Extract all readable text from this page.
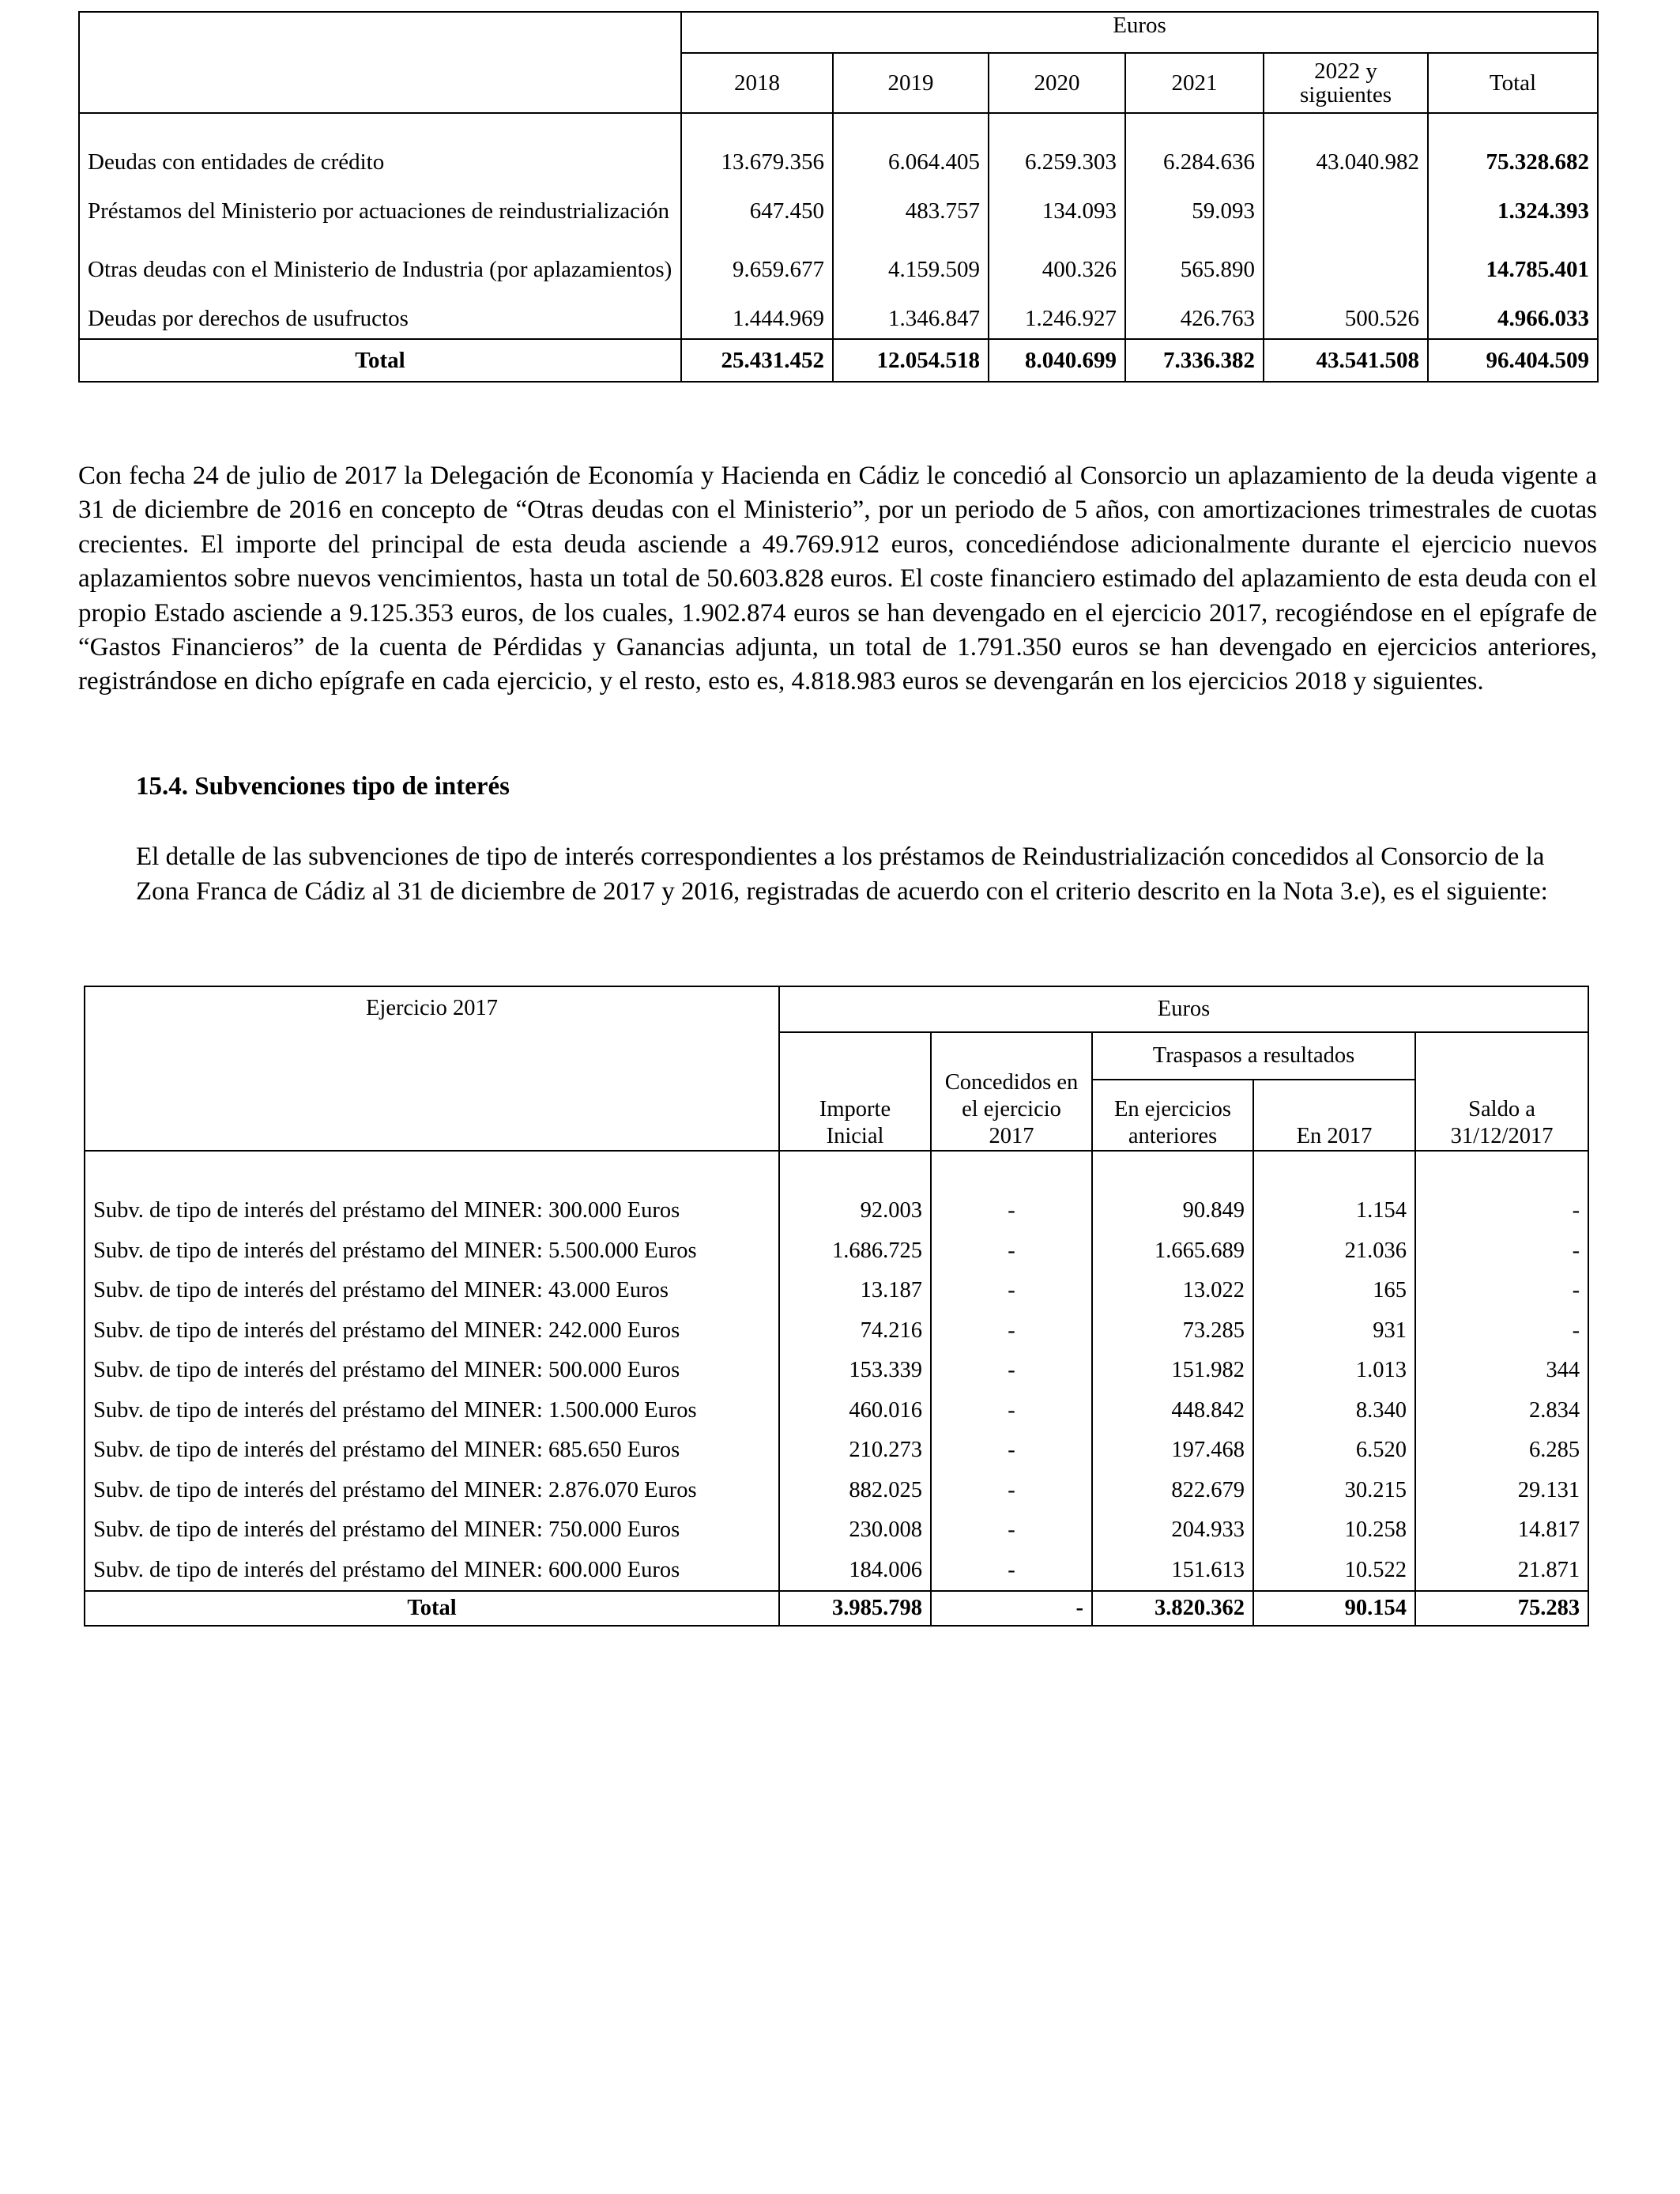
	Euros					
	2018	2019	2020	2021	2022 y siguientes	Total

Deudas con entidades de crédito	13.679.356	6.064.405	6.259.303	6.284.636	43.040.982	75.328.682
Préstamos del Ministerio por actuaciones de reindustrialización	647.450	483.757	134.093	59.093		1.324.393
Otras deudas con el Ministerio de Industria (por aplazamientos)	9.659.677	4.159.509	400.326	565.890		14.785.401
Deudas por derechos de usufructos	1.444.969	1.346.847	1.246.927	426.763	500.526	4.966.033
Total	25.431.452	12.054.518	8.040.699	7.336.382	43.541.508	96.404.509

Con fecha 24 de julio de 2017 la Delegación de Economía y Hacienda en Cádiz le concedió al Consorcio un aplazamiento de la deuda vigente a 31 de diciembre de 2016 en concepto de “Otras deudas con el Ministerio”, por un periodo de 5 años, con amortizaciones trimestrales de cuotas crecientes. El importe del principal de esta deuda asciende a 49.769.912 euros, concediéndose adicionalmente durante el ejercicio nuevos aplazamientos sobre nuevos vencimientos, hasta un total de 50.603.828 euros. El coste financiero estimado del aplazamiento de esta deuda con el propio Estado asciende a 9.125.353 euros, de los cuales, 1.902.874 euros se han devengado en el ejercicio 2017, recogiéndose en el epígrafe de “Gastos Financieros” de la cuenta de Pérdidas y Ganancias adjunta, un total de 1.791.350 euros se han devengado en ejercicios anteriores, registrándose en dicho epígrafe en cada ejercicio, y el resto, esto es, 4.818.983 euros se devengarán en los ejercicios 2018 y siguientes.

15.4. Subvenciones tipo de interés

El detalle de las subvenciones de tipo de interés correspondientes a los préstamos de Reindustrialización concedidos al Consorcio de la Zona Franca de Cádiz al 31 de diciembre de 2017 y 2016, registradas de acuerdo con el criterio descrito en la Nota 3.e), es el siguiente:

Ejercicio 2017	Euros				
	Importe Inicial	Concedidos en el ejercicio 2017	Traspasos a resultados		Saldo a 31/12/2017
			En ejercicios anteriores	En 2017	

Subv. de tipo de interés del préstamo del MINER: 300.000 Euros	92.003	-	90.849	1.154	-
Subv. de tipo de interés del préstamo del MINER: 5.500.000 Euros	1.686.725	-	1.665.689	21.036	-
Subv. de tipo de interés del préstamo del MINER: 43.000 Euros	13.187	-	13.022	165	-
Subv. de tipo de interés del préstamo del MINER: 242.000 Euros	74.216	-	73.285	931	-
Subv. de tipo de interés del préstamo del MINER: 500.000 Euros	153.339	-	151.982	1.013	344
Subv. de tipo de interés del préstamo del MINER: 1.500.000 Euros	460.016	-	448.842	8.340	2.834
Subv. de tipo de interés del préstamo del MINER: 685.650 Euros	210.273	-	197.468	6.520	6.285
Subv. de tipo de interés del préstamo del MINER: 2.876.070 Euros	882.025	-	822.679	30.215	29.131
Subv. de tipo de interés del préstamo del MINER: 750.000 Euros	230.008	-	204.933	10.258	14.817
Subv. de tipo de interés del préstamo del MINER: 600.000 Euros	184.006	-	151.613	10.522	21.871
Total	3.985.798	-	3.820.362	90.154	75.283
